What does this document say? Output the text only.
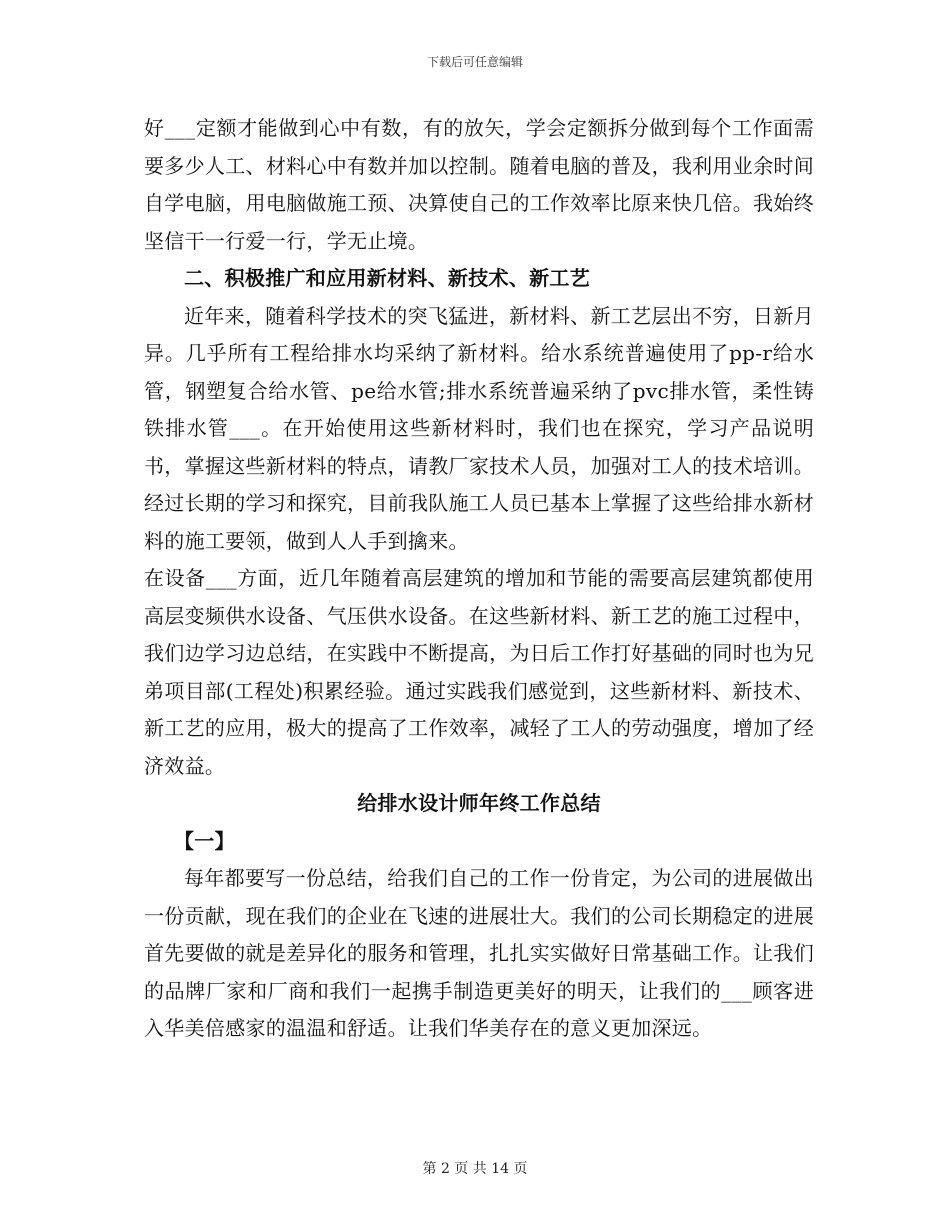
下载后可任意编辑

好___定额才能做到心中有数，有的放矢，学会定额拆分做到每个工作面需要多少人工、材料心中有数并加以控制。随着电脑的普及，我利用业余时间自学电脑，用电脑做施工预、决算使自己的工作效率比原来快几倍。我始终坚信干一行爱一行，学无止境。

二、积极推广和应用新材料、新技术、新工艺

近年来，随着科学技术的突飞猛进，新材料、新工艺层出不穷，日新月异。几乎所有工程给排水均采纳了新材料。给水系统普遍使用了pp-r给水管，钢塑复合给水管、pe给水管;排水系统普遍采纳了pvc排水管，柔性铸铁排水管___。在开始使用这些新材料时，我们也在探究，学习产品说明书，掌握这些新材料的特点，请教厂家技术人员，加强对工人的技术培训。经过长期的学习和探究，目前我队施工人员已基本上掌握了这些给排水新材料的施工要领，做到人人手到擒来。

在设备___方面，近几年随着高层建筑的增加和节能的需要高层建筑都使用高层变频供水设备、气压供水设备。在这些新材料、新工艺的施工过程中，我们边学习边总结，在实践中不断提高，为日后工作打好基础的同时也为兄弟项目部(工程处)积累经验。通过实践我们感觉到，这些新材料、新技术、新工艺的应用，极大的提高了工作效率，减轻了工人的劳动强度，增加了经济效益。

给排水设计师年终工作总结

【一】

每年都要写一份总结，给我们自己的工作一份肯定，为公司的进展做出一份贡献，现在我们的企业在飞速的进展壮大。我们的公司长期稳定的进展首先要做的就是差异化的服务和管理，扎扎实实做好日常基础工作。让我们的品牌厂家和厂商和我们一起携手制造更美好的明天，让我们的___顾客进入华美倍感家的温温和舒适。让我们华美存在的意义更加深远。

第 2 页 共 14 页
